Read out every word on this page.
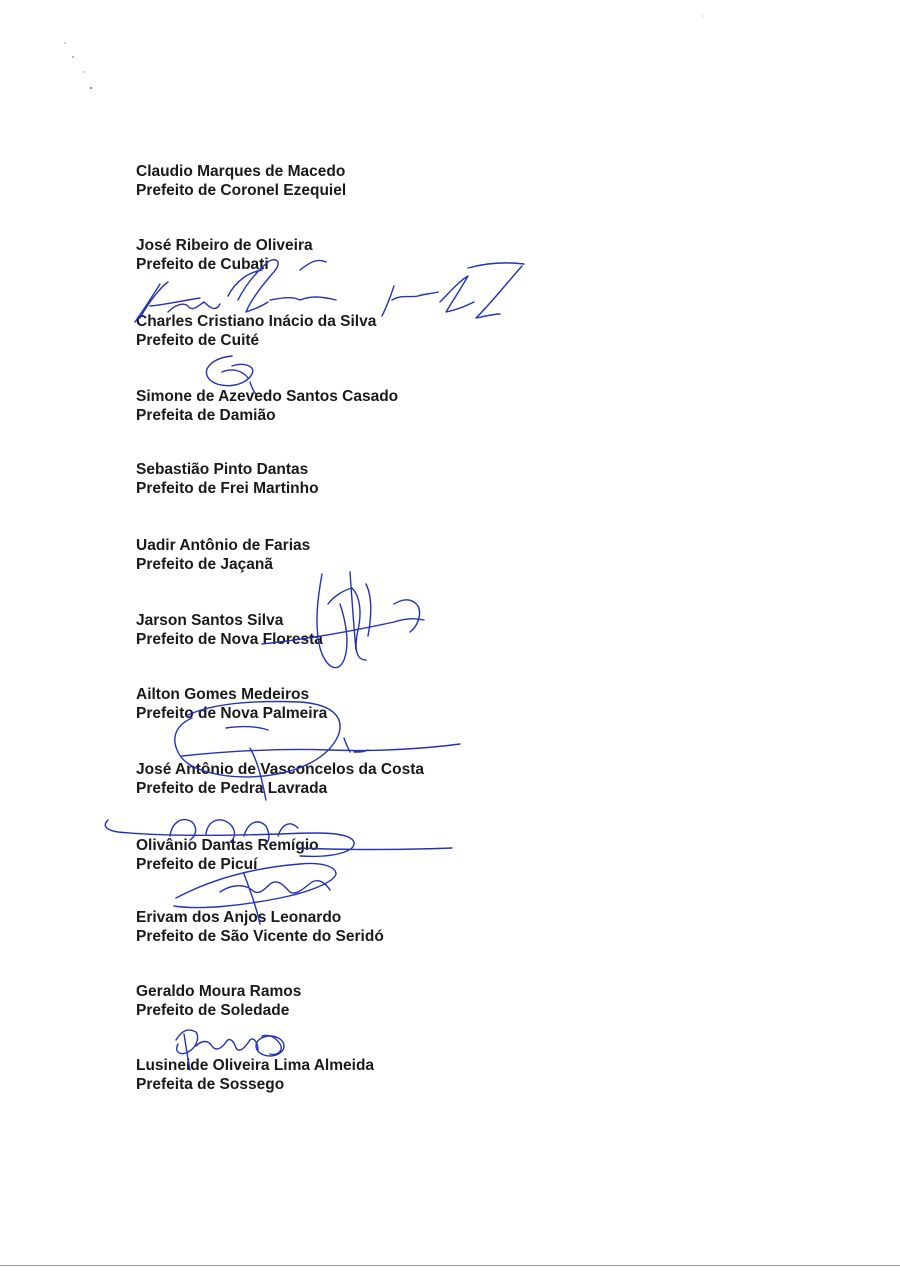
Claudio Marques de Macedo
Prefeito de Coronel Ezequiel
José Ribeiro de Oliveira
Prefeito de Cubati
Charles Cristiano Inácio da Silva
Prefeito de Cuité
Simone de Azevedo Santos Casado
Prefeita de Damião
Sebastião Pinto Dantas
Prefeito de Frei Martinho
Uadir Antônio de Farias
Prefeito de Jaçanã
Jarson Santos Silva
Prefeito de Nova Floresta
Ailton Gomes Medeiros
Prefeito de Nova Palmeira
José Antônio de Vasconcelos da Costa
Prefeito de Pedra Lavrada
Olivânio Dantas Remígio
Prefeito de Picuí
Erivam dos Anjos Leonardo
Prefeito de São Vicente do Seridó
Geraldo Moura Ramos
Prefeito de Soledade
Lusineide Oliveira Lima Almeida
Prefeita de Sossego
